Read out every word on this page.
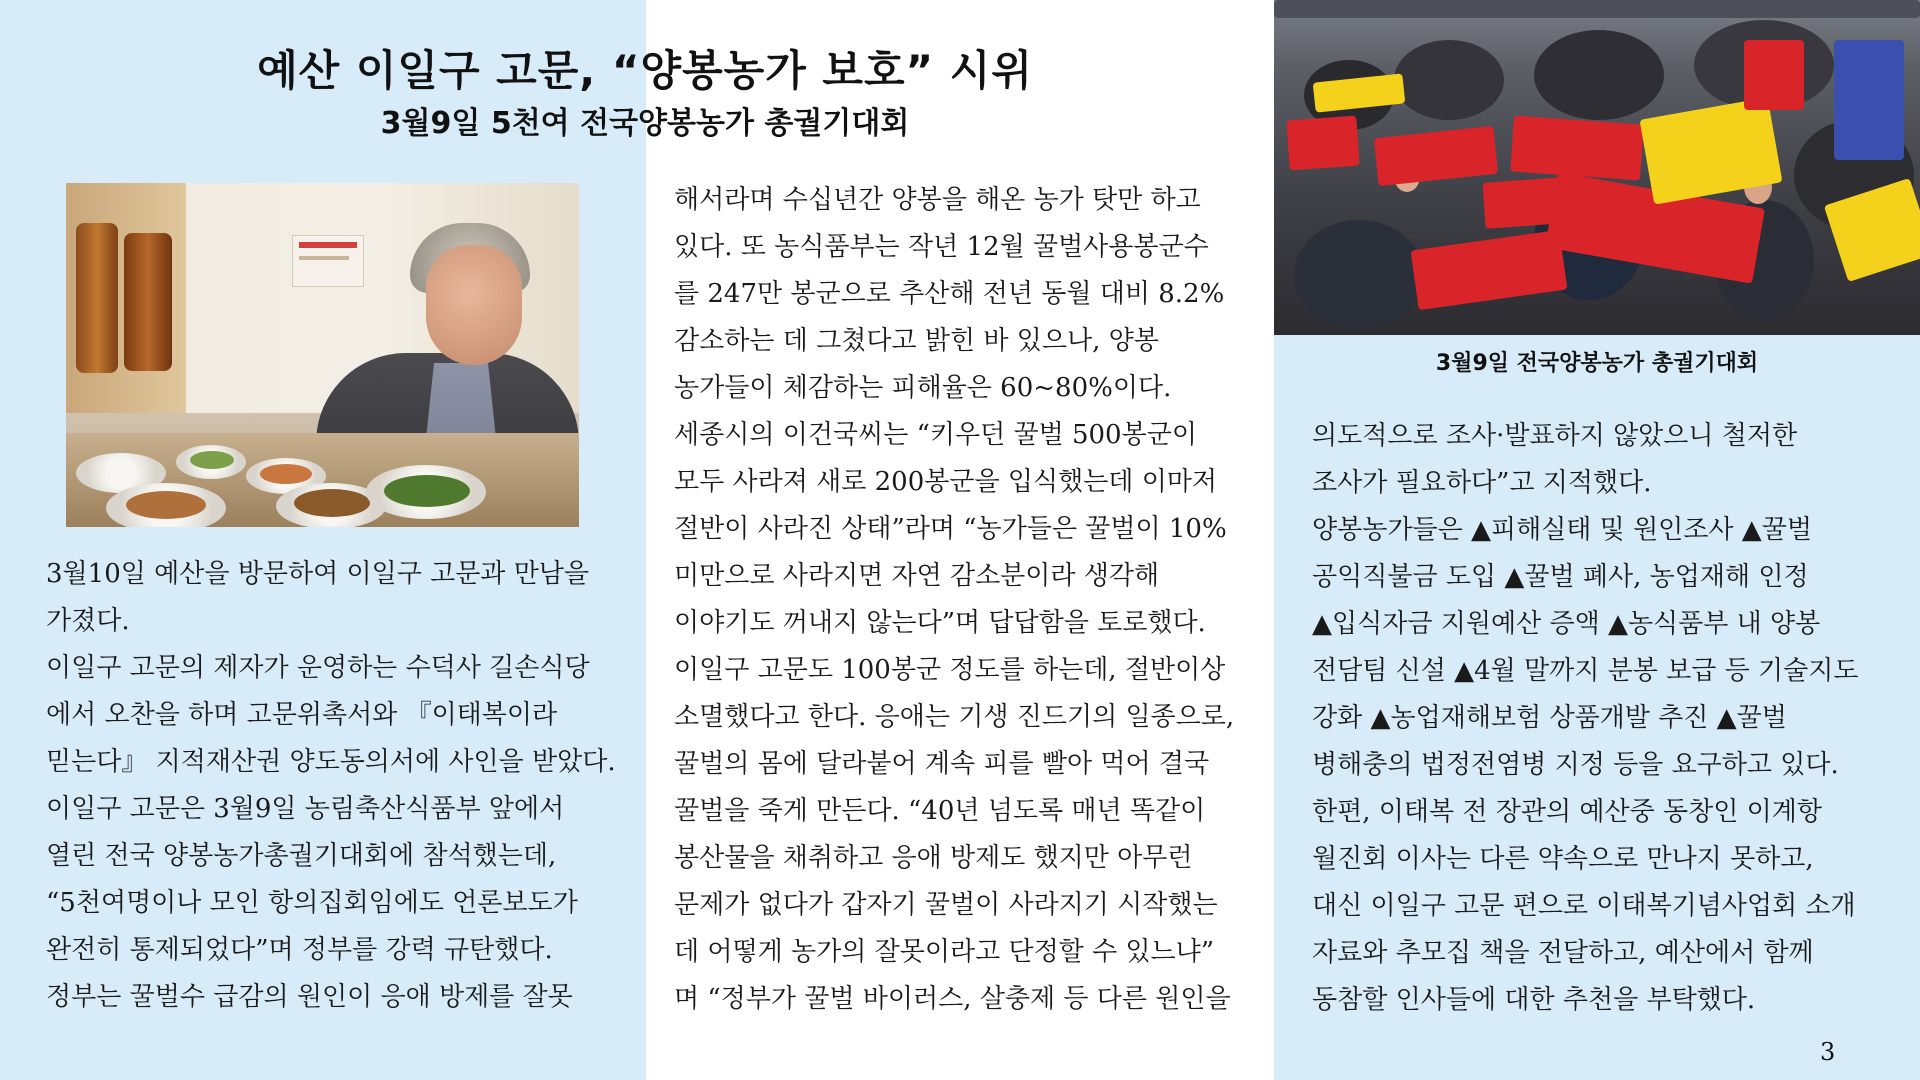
예산 이일구 고문, “양봉농가 보호” 시위
3월9일 5천여 전국양봉농가 총궐기대회
3월9일 전국양봉농가 총궐기대회

3월10일 예산을 방문하여 이일구 고문과 만남을

가졌다.

이일구 고문의 제자가 운영하는 수덕사 길손식당

에서 오찬을 하며 고문위촉서와 『이태복이라

믿는다』 지적재산권 양도동의서에 사인을 받았다.

이일구 고문은 3월9일 농림축산식품부 앞에서

열린 전국 양봉농가총궐기대회에 참석했는데,

“5천여명이나 모인 항의집회임에도 언론보도가

완전히 통제되었다”며 정부를 강력 규탄했다.

정부는 꿀벌수 급감의 원인이 응애 방제를 잘못

해서라며 수십년간 양봉을 해온 농가 탓만 하고

있다. 또 농식품부는 작년 12월 꿀벌사용봉군수

를 247만 봉군으로 추산해 전년 동월 대비 8.2%

감소하는 데 그쳤다고 밝힌 바 있으나, 양봉

농가들이 체감하는 피해율은 60~80%이다.

세종시의 이건국씨는 “키우던 꿀벌 500봉군이

모두 사라져 새로 200봉군을 입식했는데 이마저

절반이 사라진 상태”라며 “농가들은 꿀벌이 10%

미만으로 사라지면 자연 감소분이라 생각해

이야기도 꺼내지 않는다”며 답답함을 토로했다.

이일구 고문도 100봉군 정도를 하는데, 절반이상

소멸했다고 한다. 응애는 기생 진드기의 일종으로,

꿀벌의 몸에 달라붙어 계속 피를 빨아 먹어 결국

꿀벌을 죽게 만든다. “40년 넘도록 매년 똑같이

봉산물을 채취하고 응애 방제도 했지만 아무런

문제가 없다가 갑자기 꿀벌이 사라지기 시작했는

데 어떻게 농가의 잘못이라고 단정할 수 있느냐”

며 “정부가 꿀벌 바이러스, 살충제 등 다른 원인을

의도적으로 조사·발표하지 않았으니 철저한

조사가 필요하다”고 지적했다.

양봉농가들은 ▲피해실태 및 원인조사 ▲꿀벌

공익직불금 도입 ▲꿀벌 폐사, 농업재해 인정

▲입식자금 지원예산 증액 ▲농식품부 내 양봉

전담팀 신설 ▲4월 말까지 분봉 보급 등 기술지도

강화 ▲농업재해보험 상품개발 추진 ▲꿀벌

병해충의 법정전염병 지정 등을 요구하고 있다.

한편, 이태복 전 장관의 예산중 동창인 이계항

월진회 이사는 다른 약속으로 만나지 못하고,

대신 이일구 고문 편으로 이태복기념사업회 소개

자료와 추모집 책을 전달하고, 예산에서 함께

동참할 인사들에 대한 추천을 부탁했다.

3
